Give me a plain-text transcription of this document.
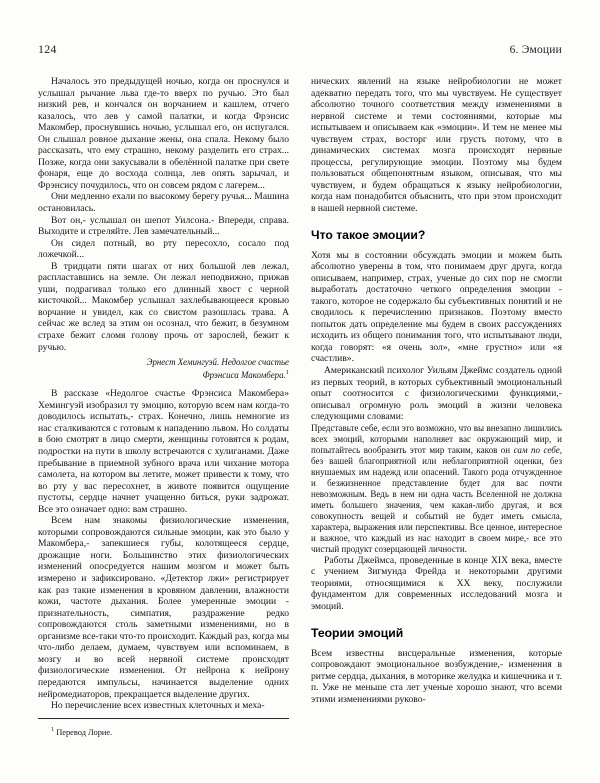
124	6. Эмоции

Началось это предыдущей ночью, когда он проснулся и услышал рычание льва где-то вверх по ручью. Это был низкий рев, и кончался он ворчанием и кашлем, отчего казалось, что лев у самой палатки, и когда Фрэнсис Макомбер, проснувшись ночью, услышал его, он испугался. Он слышал ровное дыхание жены, она спала. Некому было рассказать, что ему страшно, некому разделить его страх... Позже, когда они закусывали в обелённой палатке при свете фонаря, еще до восхода солнца, лев опять зарычал, и Фрэнсису почудилось, что он совсем рядом с лагерем...

Они медленно ехали по высокому берегу ручья... Машина остановилась.

Вот он,- услышал он шепот Уилсона.- Впереди, справа. Выходите и стреляйте. Лев замечательный...

Он сидел потный, во рту пересохло, сосало под ложечкой...

В тридцати пяти шагах от них большой лев лежал, распластавшись на земле. Он лежал неподвижно, прижав уши, подрагивал только его длинный хвост с черной кисточкой... Макомбер услышал захлебывающееся кровью ворчание и увидел, как со свистом разошлась трава. А сейчас же вслед за этим он осознал, что бежит, в безумном страхе бежит сломя голову прочь от зарослей, бежит к ручью.

Эрнест Хемингуэй. Недолгое счастье
Фрэнсиса Макомбера.$^1$

В рассказе «Недолгое счастье Фрэнсиса Макомбера» Хемингуэй изобразил ту эмоцию, которую всем нам когда-то доводилось испытать,- страх. Конечно, лишь немногие из нас сталкиваются с готовым к нападению львом. Но солдаты в бою смотрят в лицо смерти, женщины готовятся к родам, подростки на пути в школу встречаются с хулиганами. Даже пребывание в приемной зубного врача или чихание мотора самолета, на котором вы летите, может привести к тому, что во рту у вас пересохнет, в животе появится ощущение пустоты, сердце начнет учащенно биться, руки задрожат. Все это означает одно: вам страшно.

Всем нам знакомы физиологические изменения, которыми сопровождаются сильные эмоции, как это было у Макомбера,- запекшиеся губы, колотящееся сердце, дрожащие ноги. Большинство этих физиологических изменений опосредуется нашим мозгом и может быть измерено и зафиксировано. «Детектор лжи» регистрирует как раз такие изменения в кровяном давлении, влажности кожи, частоте дыхания. Более умеренные эмоции - признательность, симпатия, раздражение редко сопровождаются столь заметными изменениями, но в организме все-таки что-то происходит. Каждый раз, когда мы что-либо делаем, думаем, чувствуем или вспоминаем, в мозгу и во всей нервной системе происходят физиологические изменения. От нейрона к нейрону передаются импульсы, начинается выделение одних нейромедиаторов, прекращается выделение других.

Но перечисление всех известных клеточных и меха-

нических явлений на языке нейробиологии не может адекватно передать того, что мы чувствуем. Не существует абсолютно точного соответствия между изменениями в нервной системе и теми состояниями, которые мы испытываем и описываем как «эмоции». И тем не менее мы чувствуем страх, восторг или грусть потому, что в динамических системах мозга происходят нервные процессы, регулирующие эмоции. Поэтому мы будем пользоваться общепонятным языком, описывая, что мы чувствуем, и будем обращаться к языку нейробиологии, когда нам понадобится объяснить, что при этом происходит в нашей нервной системе.

Что такое эмоции?

Хотя мы в состоянии обсуждать эмоции и можем быть абсолютно уверены в том, что понимаем друг друга, когда описываем, например, страх, ученые до сих пор не смогли выработать достаточно четкого определения эмоции - такого, которое не содержало бы субъективных понятий и не сводилось к перечислению признаков. Поэтому вместо попыток дать определение мы будем в своих рассуждениях исходить из общего понимания того, что испытывают люди, когда говорят: «я очень зол», «мне грустно» или «я счастлив».

Американский психолог Уильям Джеймс создатель одной из первых теорий, в которых субъективный эмоциональный опыт соотносится с физиологическими функциями,- описывал огромную роль эмоций в жизни человека следующими словами:

Представьте себе, если это возможно, что вы внезапно лишились всех эмоций, которыми наполняет вас окружающий мир, и попытайтесь вообразить этот мир таким, каков он сам по себе, без вашей благоприятной или неблагоприятной оценки, без внушаемых им надежд или опасений. Такого рода отчужденное и безжизненное представление будет для вас почти невозможным. Ведь в нем ни одна часть Вселенной не должна иметь большего значения, чем какая-либо другая, и вся совокупность вещей и событий не будет иметь смысла, характера, выражения или перспективы. Все ценное, интересное и важное, что каждый из нас находит в своем мире,- все это чистый продукт созерцающей личности.

Работы Джеймса, проведенные в конце XIX века, вместе с учением Зигмунда Фрейда и некоторыми другими теориями, относящимися к XX веку, послужили фундаментом для современных исследований мозга и эмоций.

Теории эмоций

Всем известны висцеральные изменения, которые сопровождают эмоциональное возбуждение,- изменения в ритме сердца, дыхания, в моторике желудка и кишечника и т. п. Уже не меньше ста лет ученые хорошо знают, что всеми этими изменениями руково-

$^1$ Перевод Лорие.
